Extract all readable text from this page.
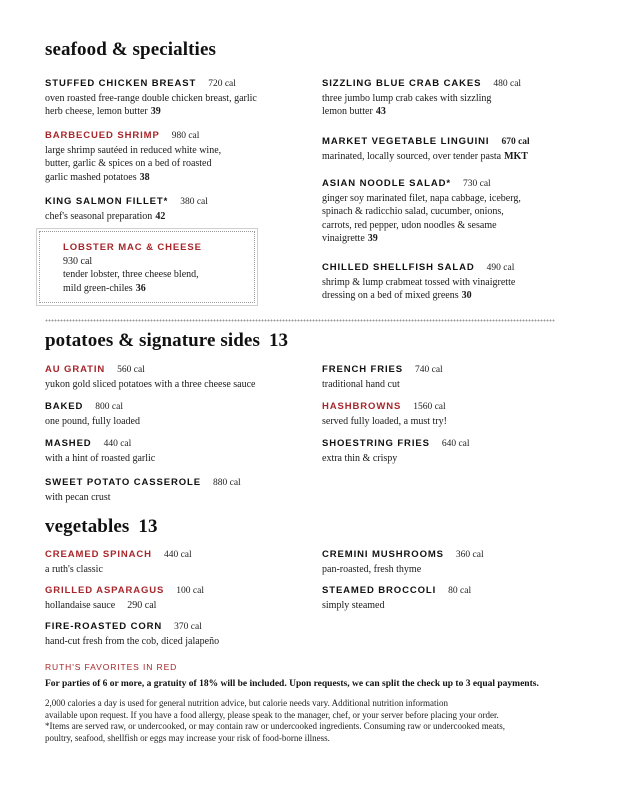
seafood & specialties
STUFFED CHICKEN BREAST 720 cal
oven roasted free-range double chicken breast, garlic
herb cheese, lemon butter 39
BARBECUED SHRIMP 980 cal
large shrimp sautéed in reduced white wine,
butter, garlic & spices on a bed of roasted
garlic mashed potatoes 38
KING SALMON FILLET* 380 cal
chef's seasonal preparation 42
LOBSTER MAC & CHEESE
930 cal
tender lobster, three cheese blend,
mild green-chiles 36
SIZZLING BLUE CRAB CAKES 480 cal
three jumbo lump crab cakes with sizzling
lemon butter 43
MARKET VEGETABLE LINGUINI 670 cal
marinated, locally sourced, over tender pasta MKT
ASIAN NOODLE SALAD* 730 cal
ginger soy marinated filet, napa cabbage, iceberg,
spinach & radicchio salad, cucumber, onions,
carrots, red pepper, udon noodles & sesame
vinaigrette 39
CHILLED SHELLFISH SALAD 490 cal
shrimp & lump crabmeat tossed with vinaigrette
dressing on a bed of mixed greens 30
potatoes & signature sides 13
AU GRATIN 560 cal
yukon gold sliced potatoes with a three cheese sauce
BAKED 800 cal
one pound, fully loaded
MASHED 440 cal
with a hint of roasted garlic
SWEET POTATO CASSEROLE 880 cal
with pecan crust
FRENCH FRIES 740 cal
traditional hand cut
HASHBROWNS 1560 cal
served fully loaded, a must try!
SHOESTRING FRIES 640 cal
extra thin & crispy
vegetables 13
CREAMED SPINACH 440 cal
a ruth's classic
GRILLED ASPARAGUS 100 cal
hollandaise sauce 290 cal
FIRE-ROASTED CORN 370 cal
hand-cut fresh from the cob, diced jalapeño
CREMINI MUSHROOMS 360 cal
pan-roasted, fresh thyme
STEAMED BROCCOLI 80 cal
simply steamed
RUTH'S FAVORITES IN RED
For parties of 6 or more, a gratuity of 18% will be included. Upon requests, we can split the check up to 3 equal payments.

2,000 calories a day is used for general nutrition advice, but calorie needs vary. Additional nutrition information

available upon request. If you have a food allergy, please speak to the manager, chef, or your server before placing your order.

*Items are served raw, or undercooked, or may contain raw or undercooked ingredients. Consuming raw or undercooked meats,

poultry, seafood, shellfish or eggs may increase your risk of food-borne illness.
